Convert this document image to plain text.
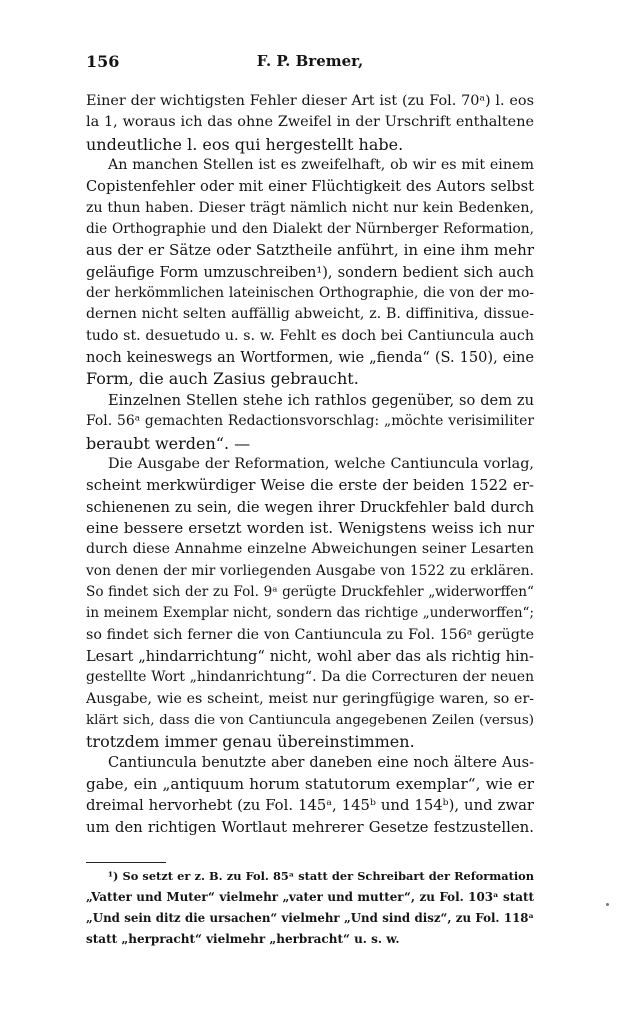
156	F. P. Bremer,
Einer der wichtigsten Fehler dieser Art ist (zu Fol. 70ᵃ) l. eos
la 1, woraus ich das ohne Zweifel in der Urschrift enthaltene
undeutliche l. eos qui hergestellt habe.
An manchen Stellen ist es zweifelhaft, ob wir es mit einem
Copistenfehler oder mit einer Flüchtigkeit des Autors selbst
zu thun haben. Dieser trägt nämlich nicht nur kein Bedenken,
die Orthographie und den Dialekt der Nürnberger Reformation,
aus der er Sätze oder Satztheile anführt, in eine ihm mehr
geläufige Form umzuschreiben¹), sondern bedient sich auch
der herkömmlichen lateinischen Orthographie, die von der mo-
dernen nicht selten auffällig abweicht, z. B. diffinitiva, dissue-
tudo st. desuetudo u. s. w. Fehlt es doch bei Cantiuncula auch
noch keineswegs an Wortformen, wie „fienda“ (S. 150), eine
Form, die auch Zasius gebraucht.
Einzelnen Stellen stehe ich rathlos gegenüber, so dem zu
Fol. 56ᵃ gemachten Redactionsvorschlag: „möchte verisimiliter
beraubt werden“. —
Die Ausgabe der Reformation, welche Cantiuncula vorlag,
scheint merkwürdiger Weise die erste der beiden 1522 er-
schienenen zu sein, die wegen ihrer Druckfehler bald durch
eine bessere ersetzt worden ist. Wenigstens weiss ich nur
durch diese Annahme einzelne Abweichungen seiner Lesarten
von denen der mir vorliegenden Ausgabe von 1522 zu erklären.
So findet sich der zu Fol. 9ᵃ gerügte Druckfehler „widerworffen“
in meinem Exemplar nicht, sondern das richtige „underworffen“;
so findet sich ferner die von Cantiuncula zu Fol. 156ᵃ gerügte
Lesart „hindarrichtung“ nicht, wohl aber das als richtig hin-
gestellte Wort „hindanrichtung“. Da die Correcturen der neuen
Ausgabe, wie es scheint, meist nur geringfügige waren, so er-
klärt sich, dass die von Cantiuncula angegebenen Zeilen (versus)
trotzdem immer genau übereinstimmen.
Cantiuncula benutzte aber daneben eine noch ältere Aus-
gabe, ein „antiquum horum statutorum exemplar“, wie er
dreimal hervorhebt (zu Fol. 145ᵃ, 145ᵇ und 154ᵇ), und zwar
um den richtigen Wortlaut mehrerer Gesetze festzustellen.
¹) So setzt er z. B. zu Fol. 85ᵃ statt der Schreibart der Reformation
„Vatter und Muter“ vielmehr „vater und mutter“, zu Fol. 103ᵃ statt
„Und sein ditz die ursachen“ vielmehr „Und sind disz“, zu Fol. 118ᵃ
statt „herpracht“ vielmehr „herbracht“ u. s. w.
